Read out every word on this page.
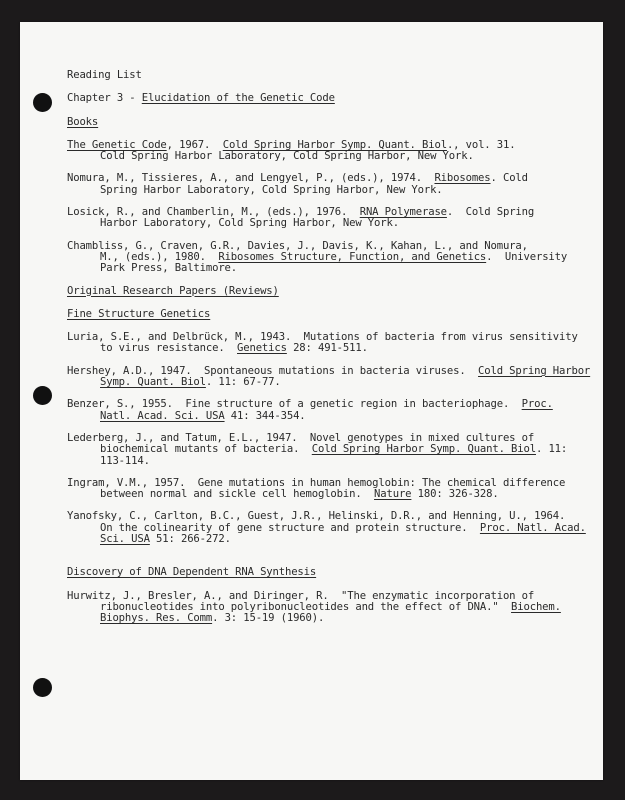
Reading List
Chapter 3 - Elucidation of the Genetic Code
Books
The Genetic Code, 1967.  Cold Spring Harbor Symp. Quant. Biol., vol. 31.
Cold Spring Harbor Laboratory, Cold Spring Harbor, New York.
Nomura, M., Tissieres, A., and Lengyel, P., (eds.), 1974.  Ribosomes. Cold
Spring Harbor Laboratory, Cold Spring Harbor, New York.
Losick, R., and Chamberlin, M., (eds.), 1976.  RNA Polymerase.  Cold Spring
Harbor Laboratory, Cold Spring Harbor, New York.
Chambliss, G., Craven, G.R., Davies, J., Davis, K., Kahan, L., and Nomura,
M., (eds.), 1980.  Ribosomes Structure, Function, and Genetics.  University
Park Press, Baltimore.
Original Research Papers (Reviews)
Fine Structure Genetics
Luria, S.E., and Delbrück, M., 1943.  Mutations of bacteria from virus sensitivity
to virus resistance.  Genetics 28: 491-511.
Hershey, A.D., 1947.  Spontaneous mutations in bacteria viruses.  Cold Spring Harbor
Symp. Quant. Biol. 11: 67-77.
Benzer, S., 1955.  Fine structure of a genetic region in bacteriophage.  Proc.
Natl. Acad. Sci. USA 41: 344-354.
Lederberg, J., and Tatum, E.L., 1947.  Novel genotypes in mixed cultures of
biochemical mutants of bacteria.  Cold Spring Harbor Symp. Quant. Biol. 11:
113-114.
Ingram, V.M., 1957.  Gene mutations in human hemoglobin: The chemical difference
between normal and sickle cell hemoglobin.  Nature 180: 326-328.
Yanofsky, C., Carlton, B.C., Guest, J.R., Helinski, D.R., and Henning, U., 1964.
On the colinearity of gene structure and protein structure.  Proc. Natl. Acad.
Sci. USA 51: 266-272.
Discovery of DNA Dependent RNA Synthesis
Hurwitz, J., Bresler, A., and Diringer, R.  "The enzymatic incorporation of
ribonucleotides into polyribonucleotides and the effect of DNA."  Biochem.
Biophys. Res. Comm. 3: 15-19 (1960).
